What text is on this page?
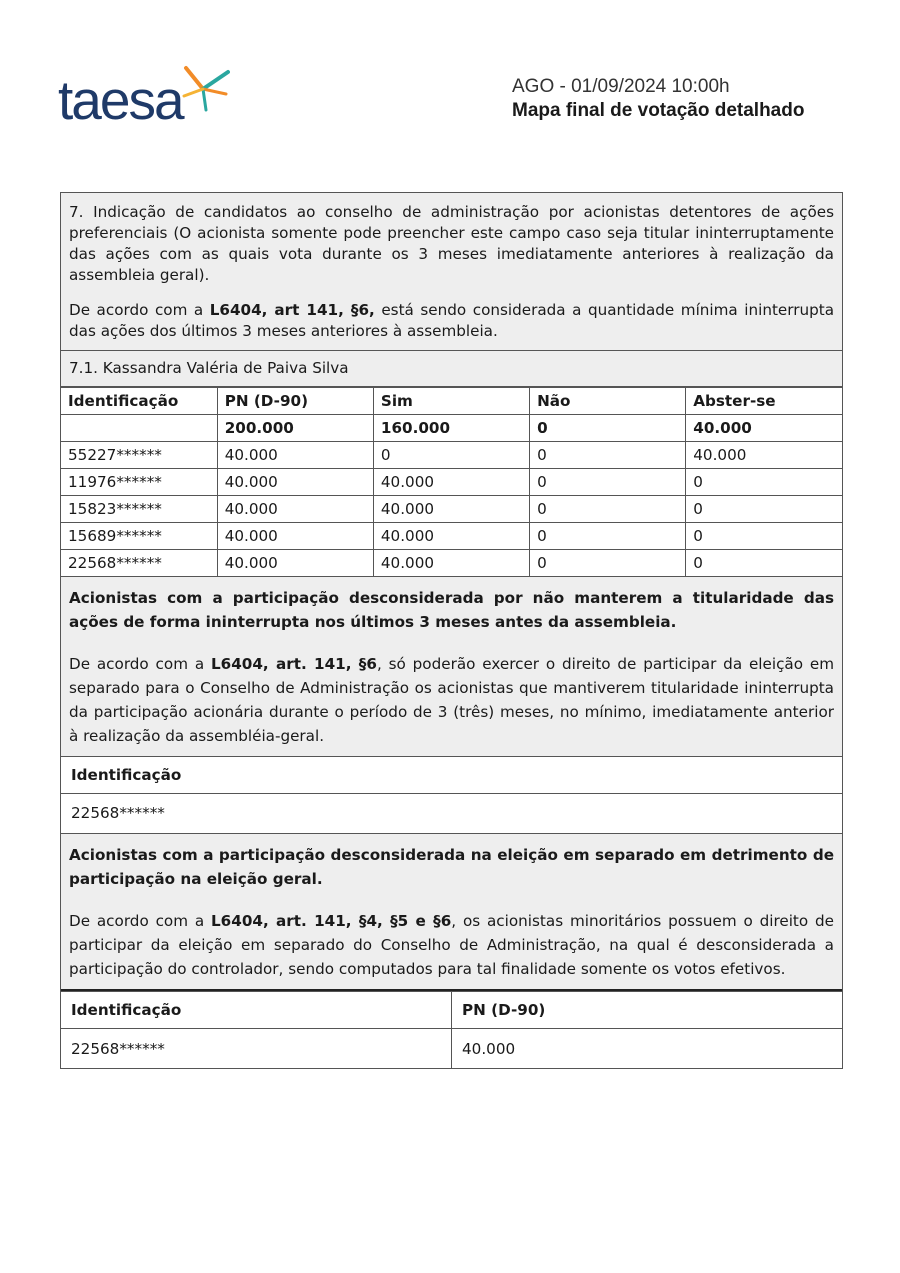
taesa	AGO - 01/09/2024 10:00h
Mapa final de votação detalhado

7. Indicação de candidatos ao conselho de administração por acionistas detentores de ações preferenciais (O acionista somente pode preencher este campo caso seja titular ininterruptamente das ações com as quais vota durante os 3 meses imediatamente anteriores à realização da assembleia geral).

De acordo com a L6404, art 141, §6, está sendo considerada a quantidade mínima ininterrupta das ações dos últimos 3 meses anteriores à assembleia.

7.1. Kassandra Valéria de Paiva Silva
Identificação	PN (D-90)	Sim	Não	Abster-se
	200.000	160.000	0	40.000
55227******	40.000	0	0	40.000
11976******	40.000	40.000	0	0
15823******	40.000	40.000	0	0
15689******	40.000	40.000	0	0
22568******	40.000	40.000	0	0

Acionistas com a participação desconsiderada por não manterem a titularidade das ações de forma ininterrupta nos últimos 3 meses antes da assembleia.

De acordo com a L6404, art. 141, §6, só poderão exercer o direito de participar da eleição em separado para o Conselho de Administração os acionistas que mantiverem titularidade ininterrupta da participação acionária durante o período de 3 (três) meses, no mínimo, imediatamente anterior à realização da assembléia-geral.

Identificação
22568******

Acionistas com a participação desconsiderada na eleição em separado em detrimento de participação na eleição geral.

De acordo com a L6404, art. 141, §4, §5 e §6, os acionistas minoritários possuem o direito de participar da eleição em separado do Conselho de Administração, na qual é desconsiderada a participação do controlador, sendo computados para tal finalidade somente os votos efetivos.

Identificação	PN (D-90)
22568******	40.000
